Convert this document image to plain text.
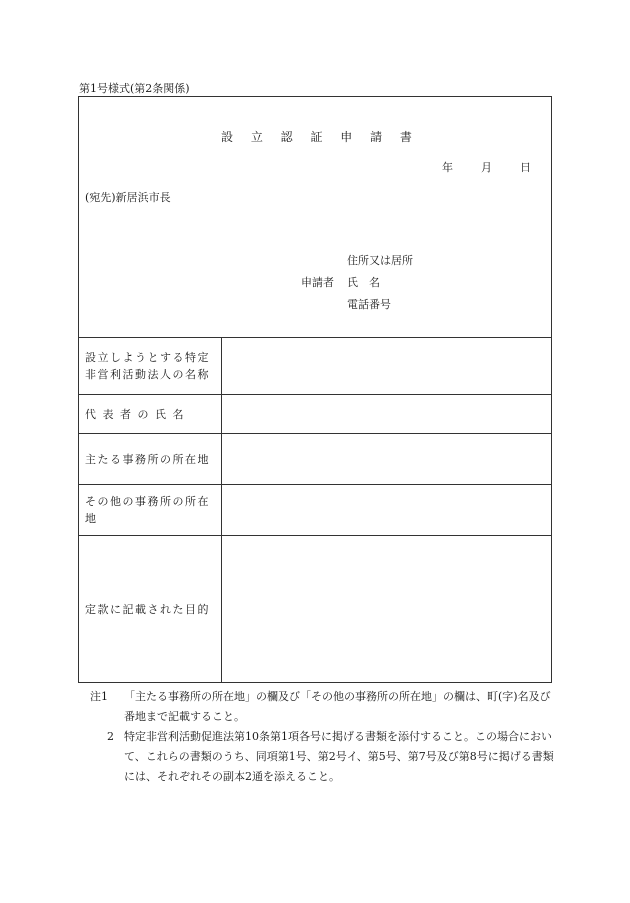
第1号様式(第2条関係)
設 立 認 証 申 請 書
年	月	日
(宛先)新居浜市長
住所又は居所
申請者	氏　名
電話番号
設立しようとする特定非営利活動法人の名称
代 表 者 の 氏 名
主たる事務所の所在地
その他の事務所の所在地
定款に記載された目的
注1	「主たる事務所の所在地」の欄及び「その他の事務所の所在地」の欄は、町(字)名及び番地まで記載すること。
2 特定非営利活動促進法第10条第1項各号に掲げる書類を添付すること。この場合において、これらの書類のうち、同項第1号、第2号イ、第5号、第7号及び第8号に掲げる書類には、それぞれその副本2通を添えること。
